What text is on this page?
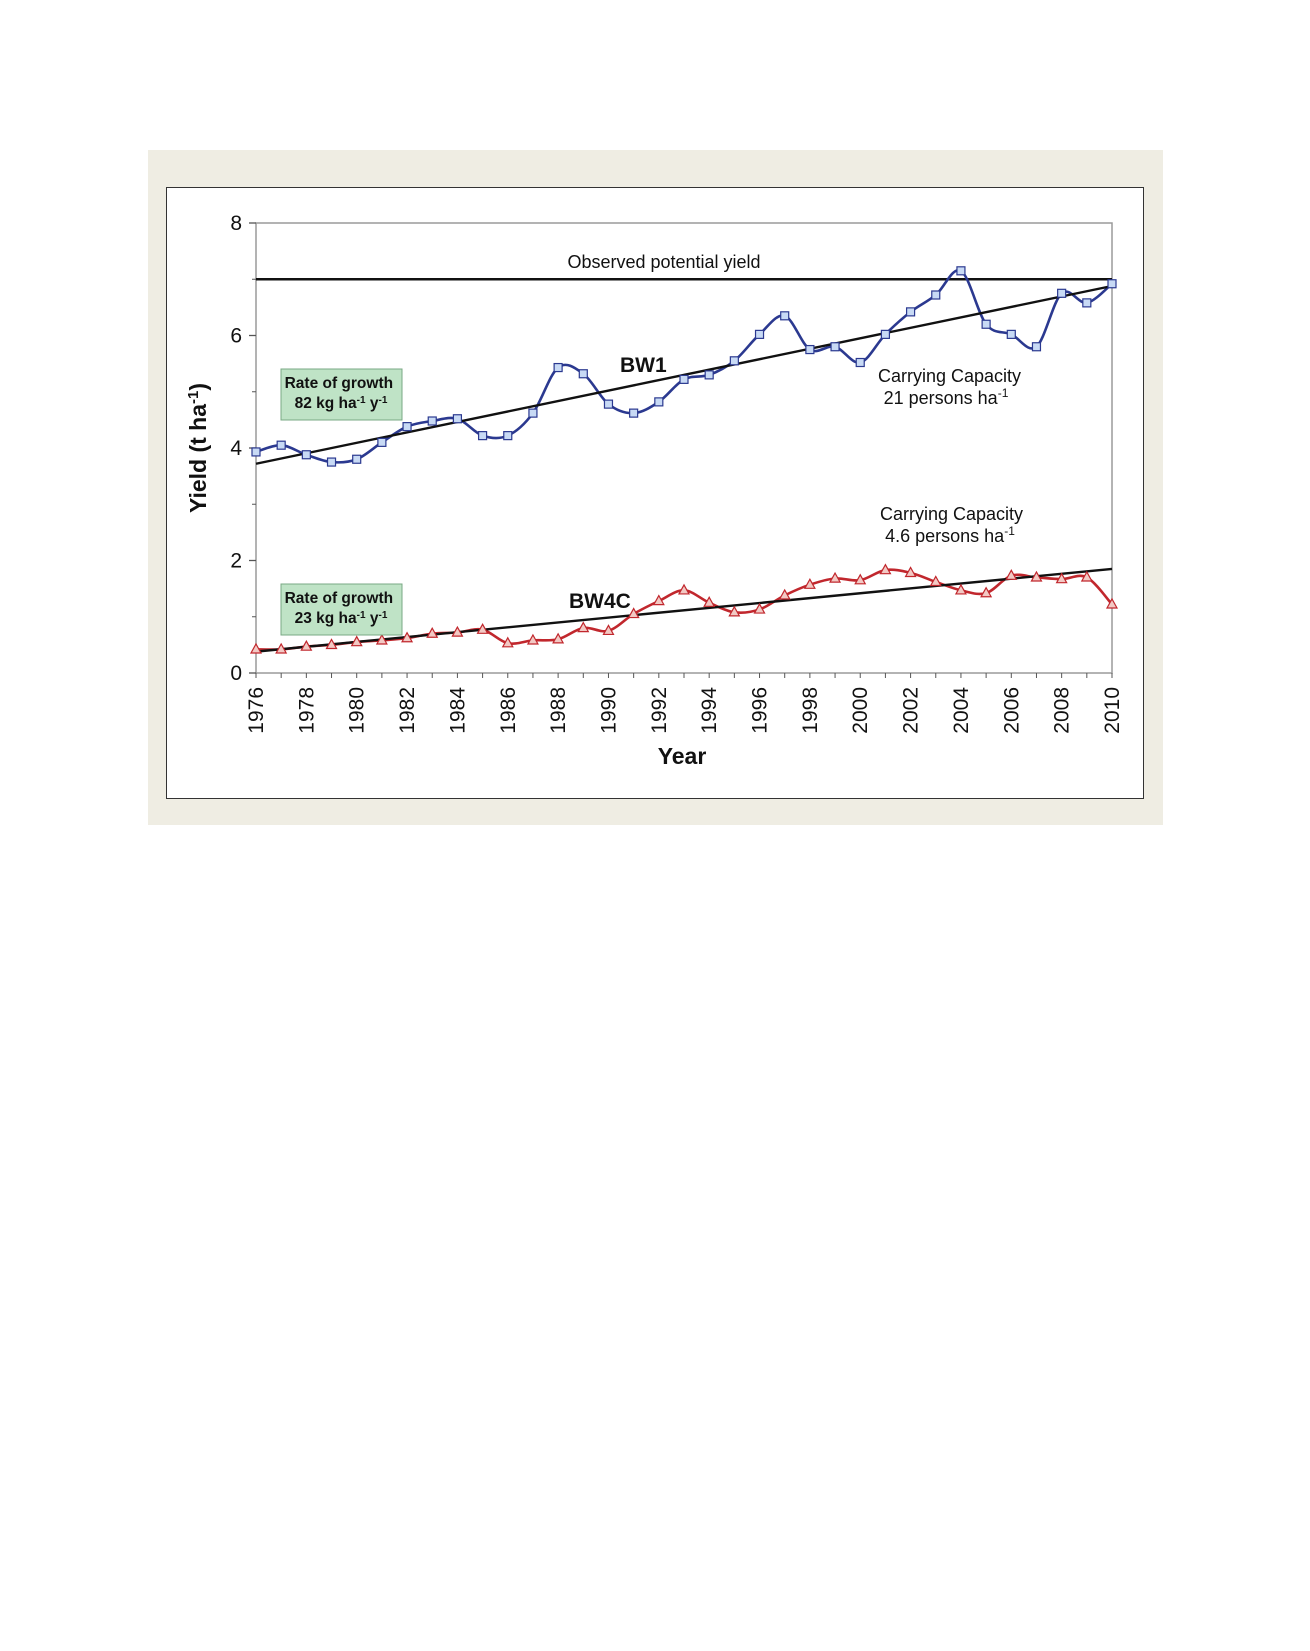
0
2
4
6
8
1976 1978 1980 1982 1984 1986 1988 1990 1992 1994 1996 1998 2000 2002 2004 2006 2008 2010
Observed potential yield
Year
Yield (t $ha^{-1}$)
BW1
BW4C
Carrying Capacity 21 persons $ha^{-1}$
Carrying Capacity 4.6 persons $ha^{-1}$
Rate of growth 82 kg $ha^{-1}$ $y^{-1}$
Rate of growth 23 kg $ha^{-1}$ $y^{-1}$
